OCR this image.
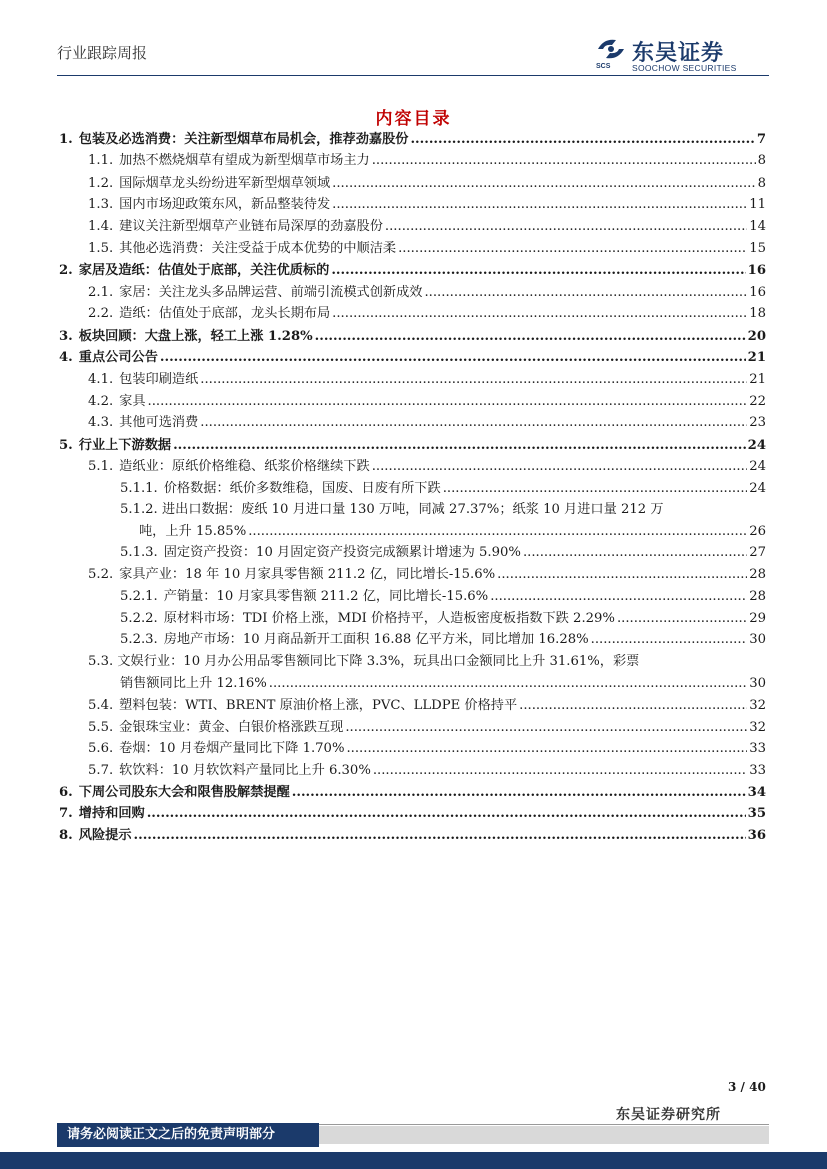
行业跟踪周报	东吴证券
SCS	SOOCHOW SECURITIES
内容目录
1. 包装及必选消费：关注新型烟草布局机会，推荐劲嘉股份 .....	7
1.1. 加热不燃烧烟草有望成为新型烟草市场主力 .....	8
1.2. 国际烟草龙头纷纷进军新型烟草领域 .....	8
1.3. 国内市场迎政策东风，新品整装待发 .....	11
1.4. 建议关注新型烟草产业链布局深厚的劲嘉股份 .....	14
1.5. 其他必选消费：关注受益于成本优势的中顺洁柔 .....	15
2. 家居及造纸：估值处于底部，关注优质标的 .....	16
2.1. 家居：关注龙头多品牌运营、前端引流模式创新成效 .....	16
2.2. 造纸：估值处于底部，龙头长期布局 .....	18
3. 板块回顾：大盘上涨，轻工上涨 1.28% .....	20
4. 重点公司公告 .....	21
4.1. 包装印刷造纸 .....	21
4.2. 家具 .....	22
4.3. 其他可选消费 .....	23
5. 行业上下游数据 .....	24
5.1. 造纸业：原纸价格维稳、纸浆价格继续下跌 .....	24
5.1.1. 价格数据：纸价多数维稳，国废、日废有所下跌 .....	24
5.1.2. 进出口数据：废纸 10 月进口量 130 万吨，同减 27.37%；纸浆 10 月进口量 212 万
吨，上升 15.85% .....	26
5.1.3. 固定资产投资：10 月固定资产投资完成额累计增速为 5.90% .....	27
5.2. 家具产业：18 年 10 月家具零售额 211.2 亿，同比增长-15.6% .....	28
5.2.1. 产销量：10 月家具零售额 211.2 亿，同比增长-15.6% .....	28
5.2.2. 原材料市场：TDI 价格上涨，MDI 价格持平，人造板密度板指数下跌 2.29% .....	29
5.2.3. 房地产市场：10 月商品新开工面积 16.88 亿平方米，同比增加 16.28% .....	30
5.3. 文娱行业：10 月办公用品零售额同比下降 3.3%，玩具出口金额同比上升 31.61%，彩票
销售额同比上升 12.16% .....	30
5.4. 塑料包装：WTI、BRENT 原油价格上涨，PVC、LLDPE 价格持平 .....	32
5.5. 金银珠宝业：黄金、白银价格涨跌互现 .....	32
5.6. 卷烟：10 月卷烟产量同比下降 1.70% .....	33
5.7. 软饮料：10 月软饮料产量同比上升 6.30% .....	33
6. 下周公司股东大会和限售股解禁提醒 .....	34
7. 增持和回购 .....	35
8. 风险提示 .....	36
3 / 40
东吴证券研究所
请务必阅读正文之后的免责声明部分
